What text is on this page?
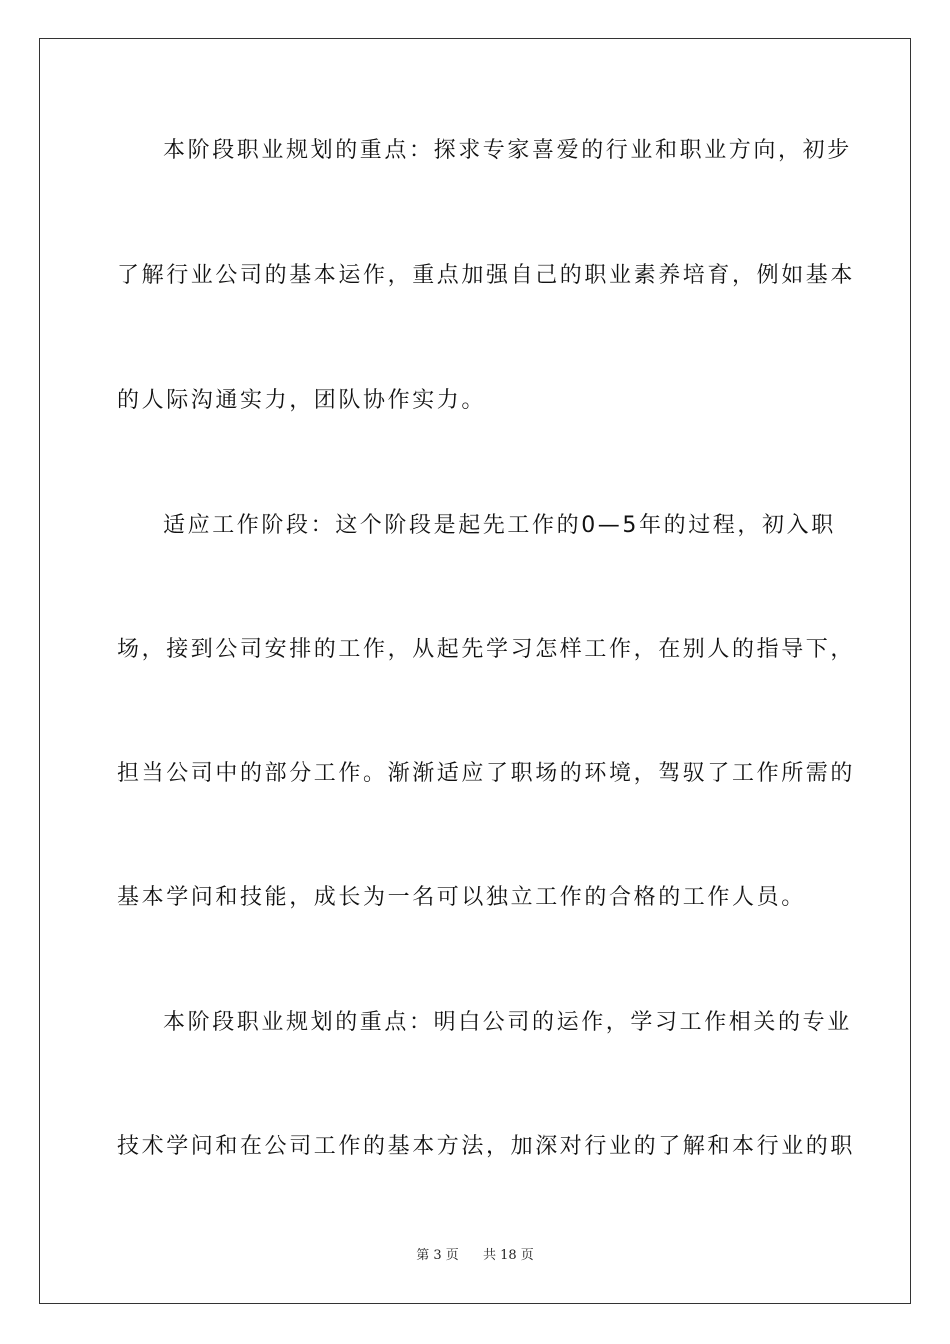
本阶段职业规划的重点：探求专家喜爱的行业和职业方向，初步
了解行业公司的基本运作，重点加强自己的职业素养培育，例如基本
的人际沟通实力，团队协作实力。
适应工作阶段：这个阶段是起先工作的0—5年的过程，初入职
场，接到公司安排的工作，从起先学习怎样工作，在别人的指导下，
担当公司中的部分工作。渐渐适应了职场的环境，驾驭了工作所需的
基本学问和技能，成长为一名可以独立工作的合格的工作人员。
本阶段职业规划的重点：明白公司的运作，学习工作相关的专业
技术学问和在公司工作的基本方法，加深对行业的了解和本行业的职
第 3 页 共 18 页
